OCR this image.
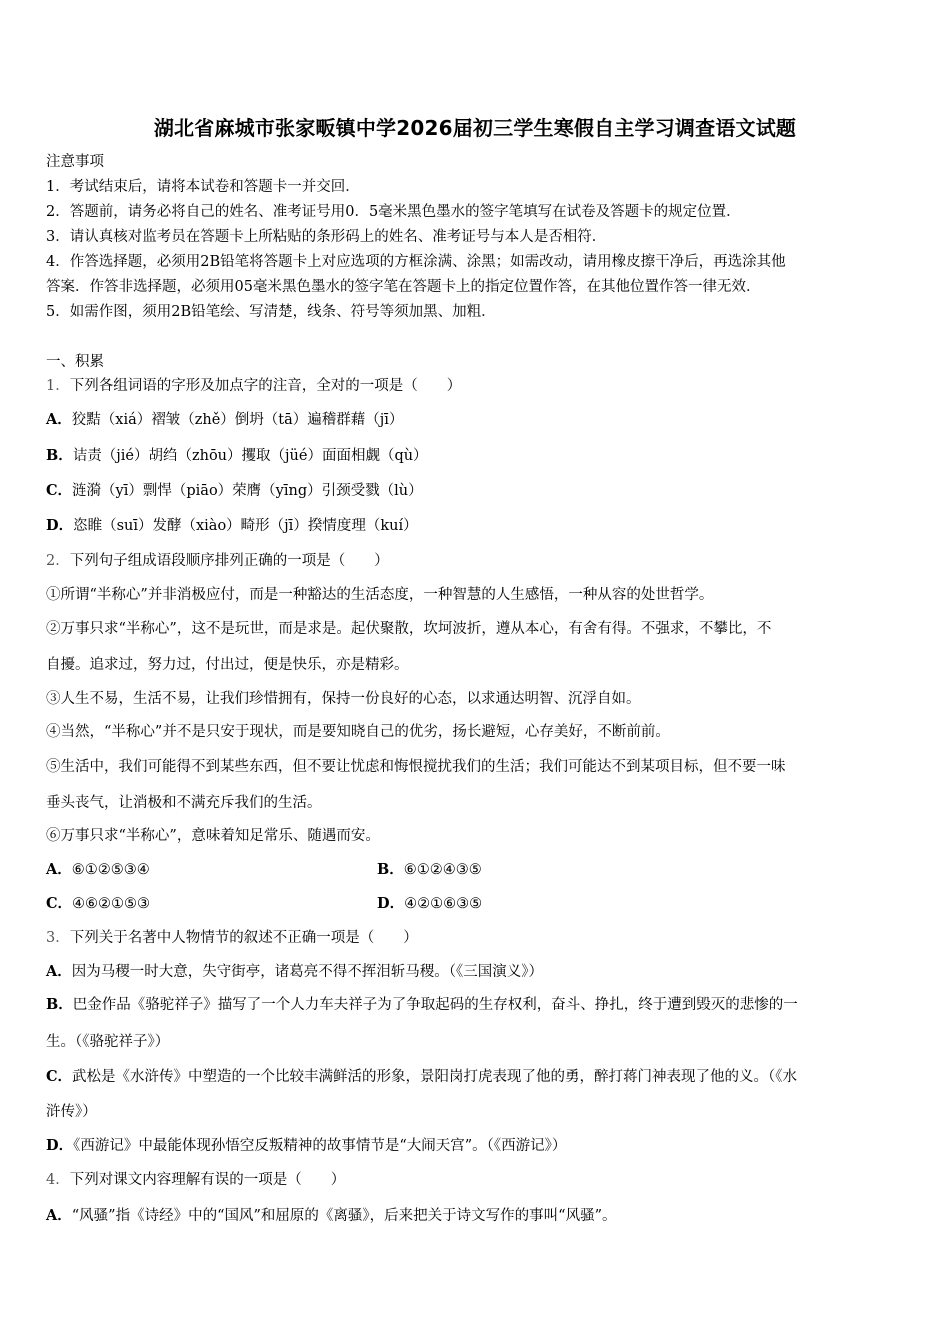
湖北省麻城市张家畈镇中学2026届初三学生寒假自主学习调查语文试题
注意事项
1．考试结束后，请将本试卷和答题卡一并交回．
2．答题前，请务必将自己的姓名、准考证号用0．5毫米黑色墨水的签字笔填写在试卷及答题卡的规定位置．
3．请认真核对监考员在答题卡上所粘贴的条形码上的姓名、准考证号与本人是否相符．
4．作答选择题，必须用2B铅笔将答题卡上对应选项的方框涂满、涂黑；如需改动，请用橡皮擦干净后，再选涂其他
答案．作答非选择题，必须用05毫米黑色墨水的签字笔在答题卡上的指定位置作答，在其他位置作答一律无效．
5．如需作图，须用2B铅笔绘、写清楚，线条、符号等须加黑、加粗．
一、积累
1．下列各组词语的字形及加点字的注音，全对的一项是（　　）
A．狡黠（xiá）褶皱（zhě）倒坍（tā）遍稽群藉（jī）
B．诘责（jié）胡绉（zhōu）攫取（jüé）面面相觑（qù）
C．涟漪（yī）剽悍（piāo）荣膺（yīng）引颈受戮（lù）
D．恣睢（suī）发酵（xiào）畸形（jī）揆情度理（kuí）
2．下列句子组成语段顺序排列正确的一项是（　　）
①所谓“半称心”并非消极应付，而是一种豁达的生活态度，一种智慧的人生感悟，一种从容的处世哲学。
②万事只求“半称心”，这不是玩世，而是求是。起伏聚散，坎坷波折，遵从本心，有舍有得。不强求，不攀比，不
自擾。追求过，努力过，付出过，便是快乐，亦是精彩。
③人生不易，生活不易，让我们珍惜拥有，保持一份良好的心态，以求通达明智、沉浮自如。
④当然，“半称心”并不是只安于现状，而是要知晓自己的优劣，扬长避短，心存美好，不断前前。
⑤生活中，我们可能得不到某些东西，但不要让忧虑和悔恨搅扰我们的生活；我们可能达不到某项目标，但不要一味
垂头丧气，让消极和不满充斥我们的生活。
⑥万事只求“半称心”，意味着知足常乐、随遇而安。
A．⑥①②⑤③④	B．⑥①②④③⑤
C．④⑥②①⑤③	D．④②①⑥③⑤
3．下列关于名著中人物情节的叙述不正确一项是（　　）
A．因为马稷一时大意，失守街亭，诸葛亮不得不挥泪斩马稷。（《三国演义》）
B．巴金作品《骆驼祥子》描写了一个人力车夫祥子为了争取起码的生存权利，奋斗、挣扎，终于遭到毁灭的悲惨的一
生。（《骆驼祥子》）
C．武松是《水浒传》中塑造的一个比较丰满鲜活的形象，景阳岗打虎表现了他的勇，醉打蒋门神表现了他的义。（《水
浒传》）
D．《西游记》中最能体现孙悟空反叛精神的故事情节是“大闹天宫”。（《西游记》）
4．下列对课文内容理解有误的一项是（　　）
A．“风骚”指《诗经》中的“国风”和屈原的《离骚》，后来把关于诗文写作的事叫“风骚”。
